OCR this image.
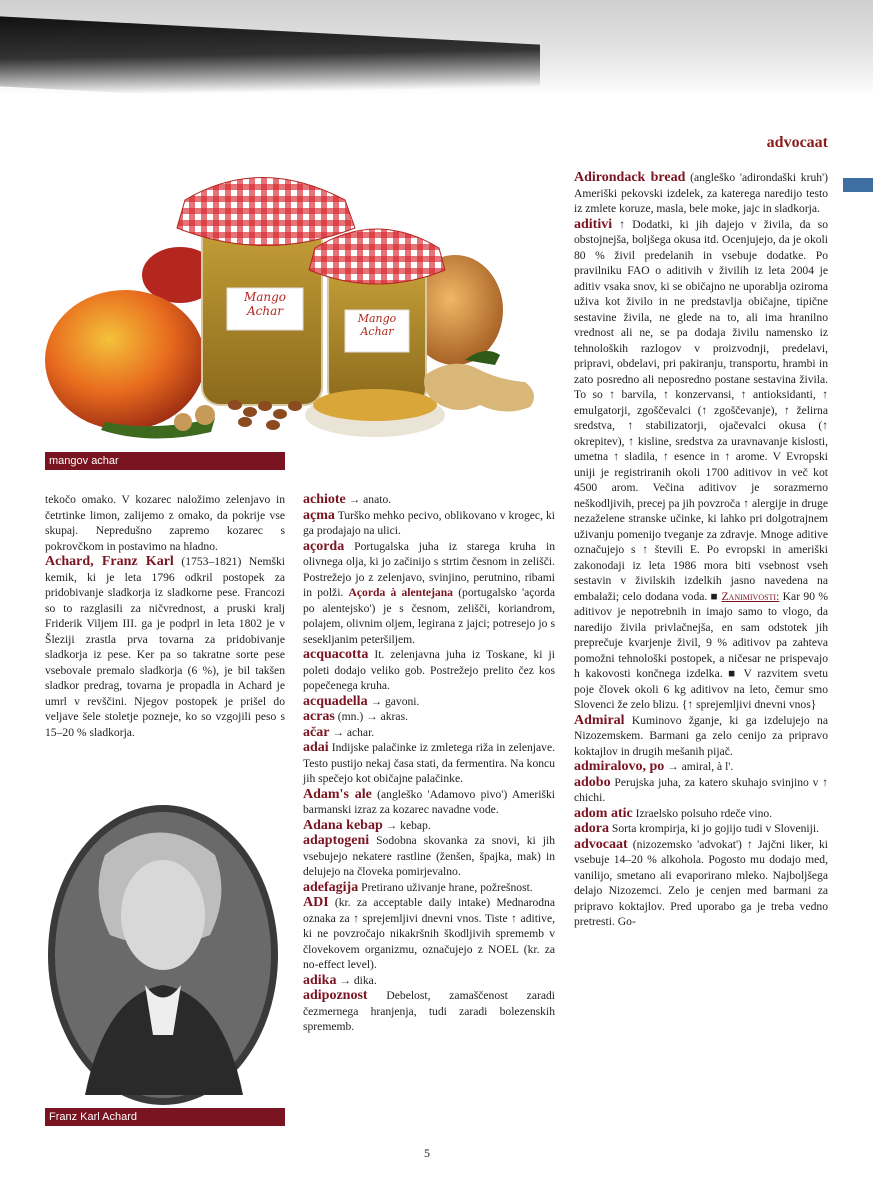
advocaat
Mango Achar
Mango Achar
mangov achar

tekočo omako. V kozarec naložimo zelenjavo in četrtinke limon, zalijemo z omako, da pokrije vse skupaj. Nepredušno zapremo kozarec s pokrovčkom in postavimo na hladno.

Achard, Franz Karl (1753–1821) Nemški kemik, ki je leta 1796 odkril postopek za pridobivanje sladkorja iz sladkorne pese. Francozi so to razglasili za ničvrednost, a pruski kralj Friderik Viljem III. ga je podprl in leta 1802 je v Šleziji zrastla prva tovarna za pridobivanje sladkorja iz pese. Ker pa so takratne sorte pese vsebovale premalo sladkorja (6 %), je bil takšen sladkor predrag, tovarna je propadla in Achard je umrl v revščini. Njegov postopek je prišel do veljave šele stoletje pozneje, ko so vzgojili peso s 15–20 % sladkorja.

Franz Karl Achard

achiote → anato.

açma Turško mehko pecivo, oblikovano v krogec, ki ga prodajajo na ulici.

açorda Portugalska juha iz starega kruha in olivnega olja, ki jo začinijo s strtim česnom in zelišči. Postrežejo jo z zelenjavo, svinjino, perutnino, ribami in polži. Açorda à alentejana (portugalsko 'açorda po alentejsko') je s česnom, zelišči, koriandrom, polajem, olivnim oljem, legirana z jajci; potresejo jo s sesekljanim peteršiljem.

acquacotta It. zelenjavna juha iz Toskane, ki ji poleti dodajo veliko gob. Postrežejo prelito čez kos popečenega kruha.

acquadella → gavoni.

acras (mn.) → akras.

ačar → achar.

adai Indijske palačinke iz zmletega riža in zelenjave. Testo pustijo nekaj časa stati, da fermentira. Na koncu jih spečejo kot običajne palačinke.

Adam's ale (angleško 'Adamovo pivo') Ameriški barmanski izraz za kozarec navadne vode.

Adana kebap → kebap.

adaptogeni Sodobna skovanka za snovi, ki jih vsebujejo nekatere rastline (ženšen, špajka, mak) in delujejo na človeka pomirjevalno.

adefagija Pretirano uživanje hrane, požrešnost.

ADI (kr. za acceptable daily intake) Mednarodna oznaka za ↑ sprejemljivi dnevni vnos. Tiste ↑ aditive, ki ne povzročajo nikakršnih škodljivih sprememb v človekovem organizmu, označujejo z NOEL (kr. za no-effect level).

adika → dika.

adipoznost Debelost, zamaščenost zaradi čezmernega hranjenja, tudi zaradi bolezenskih sprememb.

Adirondack bread (angleško 'adirondaški kruh') Ameriški pekovski izdelek, za katerega naredijo testo iz zmlete koruze, masla, bele moke, jajc in sladkorja.

aditivi ↑ Dodatki, ki jih dajejo v živila, da so obstojnejša, boljšega okusa itd. Ocenjujejo, da je okoli 80 % živil predelanih in vsebuje dodatke. Po pravilniku FAO o aditivih v živilih iz leta 2004 je aditiv vsaka snov, ki se običajno ne uporablja oziroma uživa kot živilo in ne predstavlja običajne, tipične sestavine živila, ne glede na to, ali ima hranilno vrednost ali ne, se pa dodaja živilu namensko iz tehnoloških razlogov v proizvodnji, predelavi, pripravi, obdelavi, pri pakiranju, transportu, hrambi in zato posredno ali neposredno postane sestavina živila. To so ↑ barvila, ↑ konzervansi, ↑ antioksidanti, ↑ emulgatorji, zgoščevalci (↑ zgoščevanje), ↑ želirna sredstva, ↑ stabilizatorji, ojačevalci okusa (↑ okrepitev), ↑ kisline, sredstva za uravnavanje kislosti, umetna ↑ sladila, ↑ esence in ↑ arome. V Evropski uniji je registriranih okoli 1700 aditivov in več kot 4500 arom. Večina aditivov je sorazmerno neškodljivih, precej pa jih povzroča ↑ alergije in druge nezaželene stranske učinke, ki lahko pri dolgotrajnem uživanju pomenijo tveganje za zdravje. Mnoge aditive označujejo s ↑ števili E. Po evropski in ameriški zakonodaji iz leta 1986 mora biti vsebnost vseh sestavin v živilskih izdelkih jasno navedena na embalaži; celo dodana voda. ■ Zanimivosti: Kar 90 % aditivov je nepotrebnih in imajo samo to vlogo, da naredijo živila privlačnejša, en sam odstotek jih preprečuje kvarjenje živil, 9 % aditivov pa zahteva pomožni tehnološki postopek, a ničesar ne prispevajo h kakovosti končnega izdelka. ■ V razvitem svetu poje človek okoli 6 kg aditivov na leto, čemur smo Slovenci že zelo blizu. {↑ sprejemljivi dnevni vnos}

Admiral Kuminovo žganje, ki ga izdelujejo na Nizozemskem. Barmani ga zelo cenijo za pripravo koktajlov in drugih mešanih pijač.

admiralovo, po → amiral, à l'.

adobo Perujska juha, za katero skuhajo svinjino v ↑ chichi.

adom atic Izraelsko polsuho rdeče vino.

adora Sorta krompirja, ki jo gojijo tudi v Sloveniji.

advocaat (nizozemsko 'advokat') ↑ Jajčni liker, ki vsebuje 14–20 % alkohola. Pogosto mu dodajo med, vanilijo, smetano ali evaporirano mleko. Najboljšega delajo Nizozemci. Zelo je cenjen med barmani za pripravo koktajlov. Pred uporabo ga je treba vedno pretresti. Go-

5
